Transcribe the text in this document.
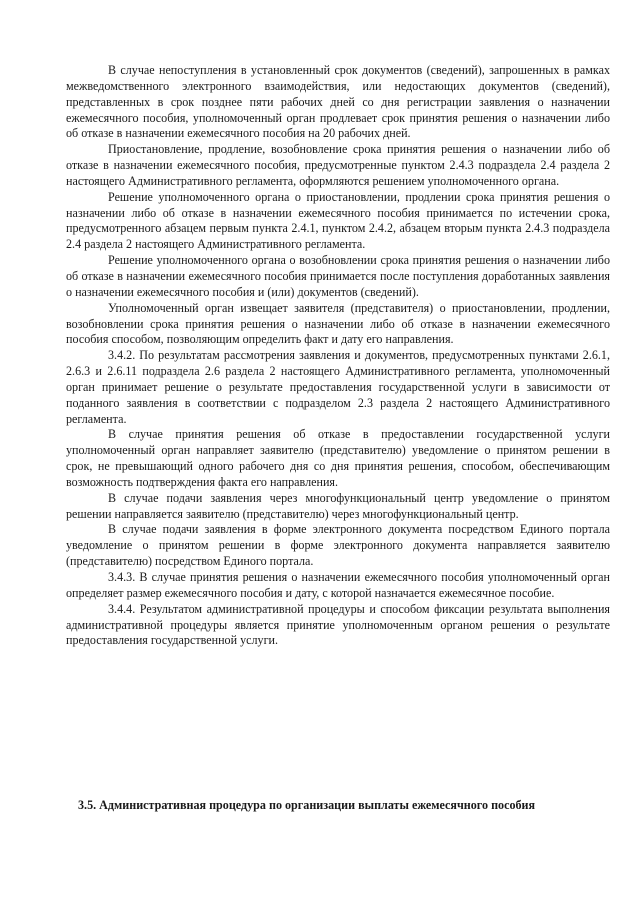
В случае непоступления в установленный срок документов (сведений), запрошенных в рамках межведомственного электронного взаимодействия, или недостающих документов (сведений), представленных в срок позднее пяти рабочих дней со дня регистрации заявления о назначении ежемесячного пособия, уполномоченный орган продлевает срок принятия решения о назначении либо об отказе в назначении ежемесячного пособия на 20 рабочих дней.

Приостановление, продление, возобновление срока принятия решения о назначении либо об отказе в назначении ежемесячного пособия, предусмотренные пунктом 2.4.3 подраздела 2.4 раздела 2 настоящего Административного регламента, оформляются решением уполномоченного органа.

Решение уполномоченного органа о приостановлении, продлении срока принятия решения о назначении либо об отказе в назначении ежемесячного пособия принимается по истечении срока, предусмотренного абзацем первым пункта 2.4.1, пунктом 2.4.2, абзацем вторым пункта 2.4.3 подраздела 2.4 раздела 2 настоящего Административного регламента.

Решение уполномоченного органа о возобновлении срока принятия решения о назначении либо об отказе в назначении ежемесячного пособия принимается после поступления доработанных заявления о назначении ежемесячного пособия и (или) документов (сведений).

Уполномоченный орган извещает заявителя (представителя) о приостановлении, продлении, возобновлении срока принятия решения о назначении либо об отказе в назначении ежемесячного пособия способом, позволяющим определить факт и дату его направления.

3.4.2. По результатам рассмотрения заявления и документов, предусмотренных пунктами 2.6.1, 2.6.3 и 2.6.11 подраздела 2.6 раздела 2 настоящего Административного регламента, уполномоченный орган принимает решение о результате предоставления государственной услуги в зависимости от поданного заявления в соответствии с подразделом 2.3 раздела 2 настоящего Административного регламента.

В случае принятия решения об отказе в предоставлении государственной услуги уполномоченный орган направляет заявителю (представителю) уведомление о принятом решении в срок, не превышающий одного рабочего дня со дня принятия решения, способом, обеспечивающим возможность подтверждения факта его направления.

В случае подачи заявления через многофункциональный центр уведомление о принятом решении направляется заявителю (представителю) через многофункциональный центр.

В случае подачи заявления в форме электронного документа посредством Единого портала уведомление о принятом решении в форме электронного документа направляется заявителю (представителю) посредством Единого портала.

3.4.3. В случае принятия решения о назначении ежемесячного пособия уполномоченный орган определяет размер ежемесячного пособия и дату, с которой назначается ежемесячное пособие.

3.4.4. Результатом административной процедуры и способом фиксации результата выполнения административной процедуры является принятие уполномоченным органом решения о результате предоставления государственной услуги.

3.5. Административная процедура по организации выплаты ежемесячного пособия
